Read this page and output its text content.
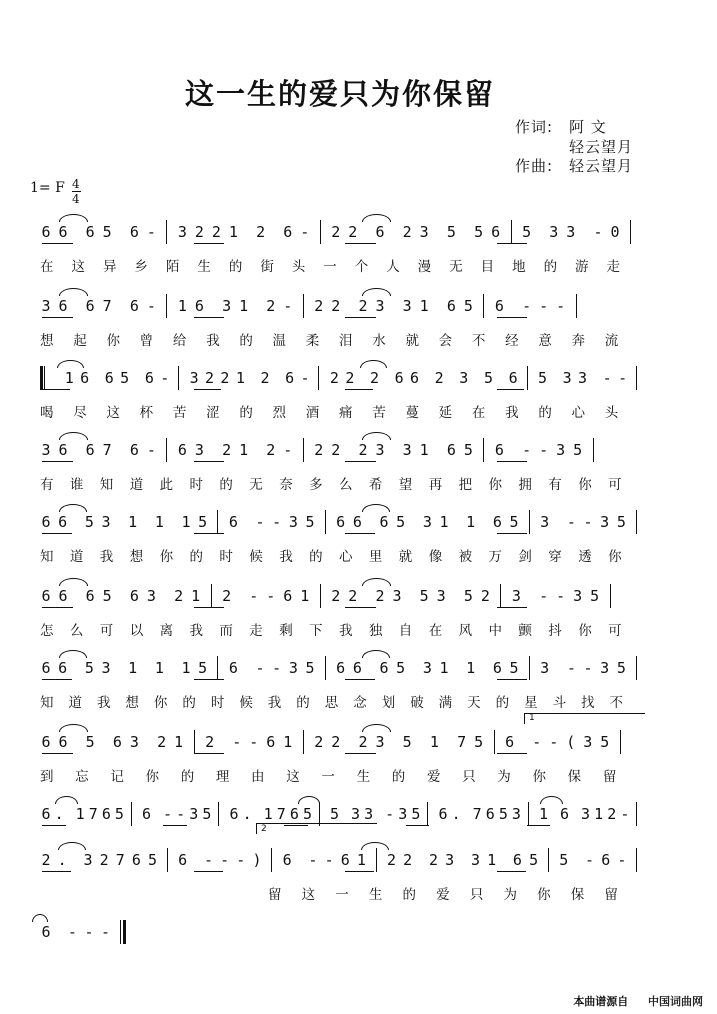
这一生的爱只为你保留
作词: 阿 文
轻云望月
作曲: 轻云望月
1= F 4
4
6 6 6 5 6 - 3 2 2 1 2 6 - 2 2 6 2 3 5 5 6 5 3 3 - 0
在 这 异 乡 陌 生 的 街 头 一 个 人 漫 无 目 地 的 游 走
3 6 6 7 6 - 1 6 3 1 2 - 2 2 2 3 3 1 6 5 6 - - -
想 起 你 曾 给 我 的 温 柔 泪 水 就 会 不 经 意 奔 流
1 6 6 5 6 - 3 2 2 1 2 6 - 2 2 2 6 6 2 3 5 6 5 3 3 - -
喝 尽 这 杯 苦 涩 的 烈 酒 痛 苦 蔓 延 在 我 的 心 头
3 6 6 7 6 - 6 3 2 1 2 - 2 2 2 3 3 1 6 5 6 - - 3 5
有 谁 知 道 此 时 的 无 奈 多 么 希 望 再 把 你 拥 有 你 可
6 6 5 3 1 1 1 5 6 - - 3 5 6 6 6 5 3 1 1 6 5 3 - - 3 5
知 道 我 想 你 的 时 候 我 的 心 里 就 像 被 万 剑 穿 透 你
6 6 6 5 6 3 2 1 2 - - 6 1 2 2 2 3 5 3 5 2 3 - - 3 5
怎 么 可 以 离 我 而 走 剩 下 我 独 自 在 风 中 颤 抖 你 可
6 6 5 3 1 1 1 5 6 - - 3 5 6 6 6 5 3 1 1 6 5 3 - - 3 5
知 道 我 想 你 的 时 候 我 的 思 念 划 破 满 天 的 星 斗 找 不
6 6 5 6 3 2 1 2 - - 6 1 2 2 2 3 5 1 7 5 6 - - ( 3 5
到 忘 记 你 的 理 由 这 一 生 的 爱 只 为 你 保 留
6 . 1 7 6 5 6 - - 3 5 6 . 1 7 6 5 5 3 3 - 3 5 6 . 7 6 5 3 1 6 3 1 2 -
2 . 3 2 7 6 5 6 - - - ) 6 - - 6 1 2 2 2 3 3 1 6 5 5 - 6 -
留 这 一 生 的 爱 只 为 你 保 留
6 - - -
1
2
本曲谱源自 中国词曲网
